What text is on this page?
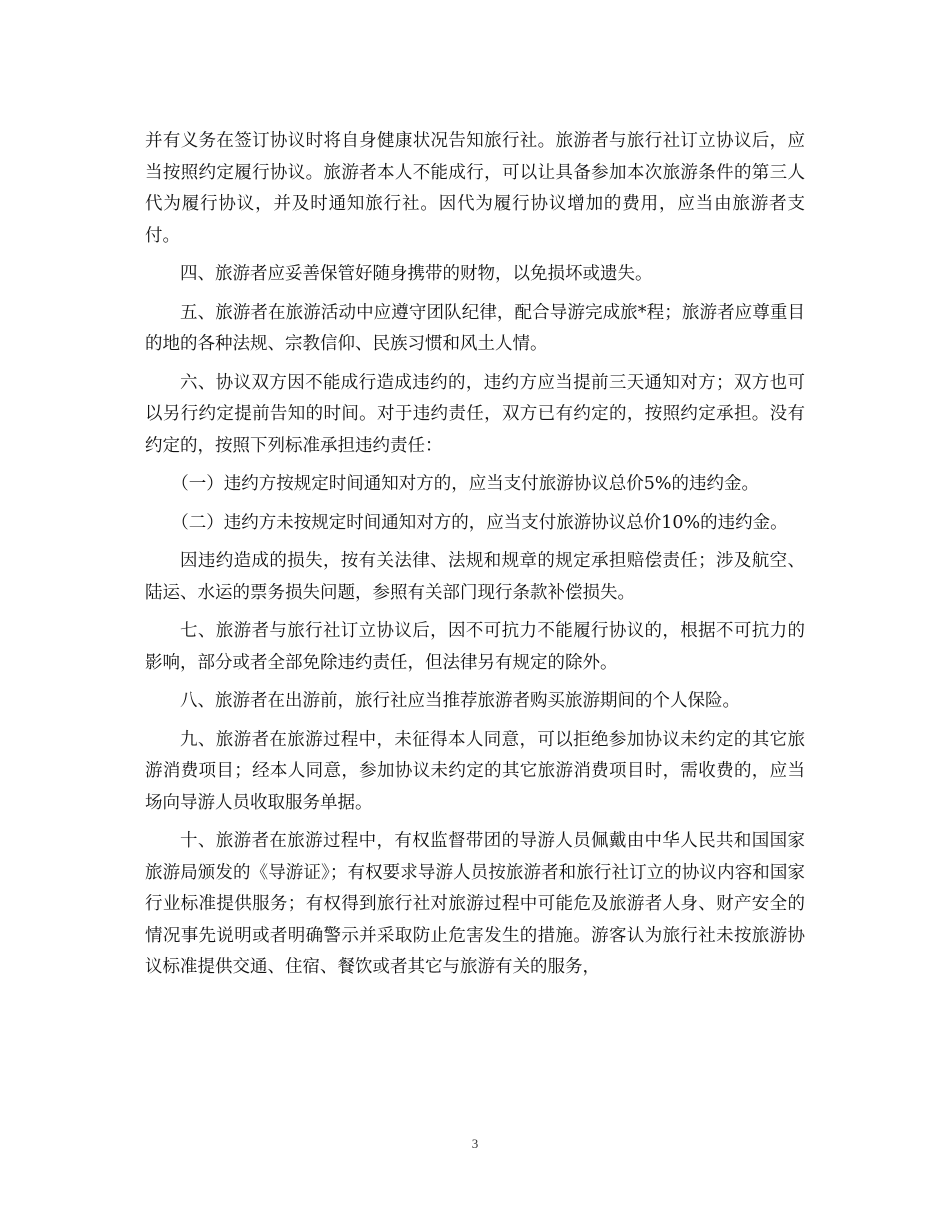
并有义务在签订协议时将自身健康状况告知旅行社。旅游者与旅行社订立协议后，应当按照约定履行协议。旅游者本人不能成行，可以让具备参加本次旅游条件的第三人代为履行协议，并及时通知旅行社。因代为履行协议增加的费用，应当由旅游者支付。

四、旅游者应妥善保管好随身携带的财物，以免损坏或遗失。

五、旅游者在旅游活动中应遵守团队纪律，配合导游完成旅*程；旅游者应尊重目的地的各种法规、宗教信仰、民族习惯和风土人情。

六、协议双方因不能成行造成违约的，违约方应当提前三天通知对方；双方也可以另行约定提前告知的时间。对于违约责任，双方已有约定的，按照约定承担。没有约定的，按照下列标准承担违约责任：

（一）违约方按规定时间通知对方的，应当支付旅游协议总价5%的违约金。

（二）违约方未按规定时间通知对方的，应当支付旅游协议总价10%的违约金。

因违约造成的损失，按有关法律、法规和规章的规定承担赔偿责任；涉及航空、陆运、水运的票务损失问题，参照有关部门现行条款补偿损失。

七、旅游者与旅行社订立协议后，因不可抗力不能履行协议的，根据不可抗力的影响，部分或者全部免除违约责任，但法律另有规定的除外。

八、旅游者在出游前，旅行社应当推荐旅游者购买旅游期间的个人保险。

九、旅游者在旅游过程中，未征得本人同意，可以拒绝参加协议未约定的其它旅游消费项目；经本人同意，参加协议未约定的其它旅游消费项目时，需收费的，应当场向导游人员收取服务单据。

十、旅游者在旅游过程中，有权监督带团的导游人员佩戴由中华人民共和国国家旅游局颁发的《导游证》；有权要求导游人员按旅游者和旅行社订立的协议内容和国家行业标准提供服务；有权得到旅行社对旅游过程中可能危及旅游者人身、财产安全的情况事先说明或者明确警示并采取防止危害发生的措施。游客认为旅行社未按旅游协议标准提供交通、住宿、餐饮或者其它与旅游有关的服务，

3
